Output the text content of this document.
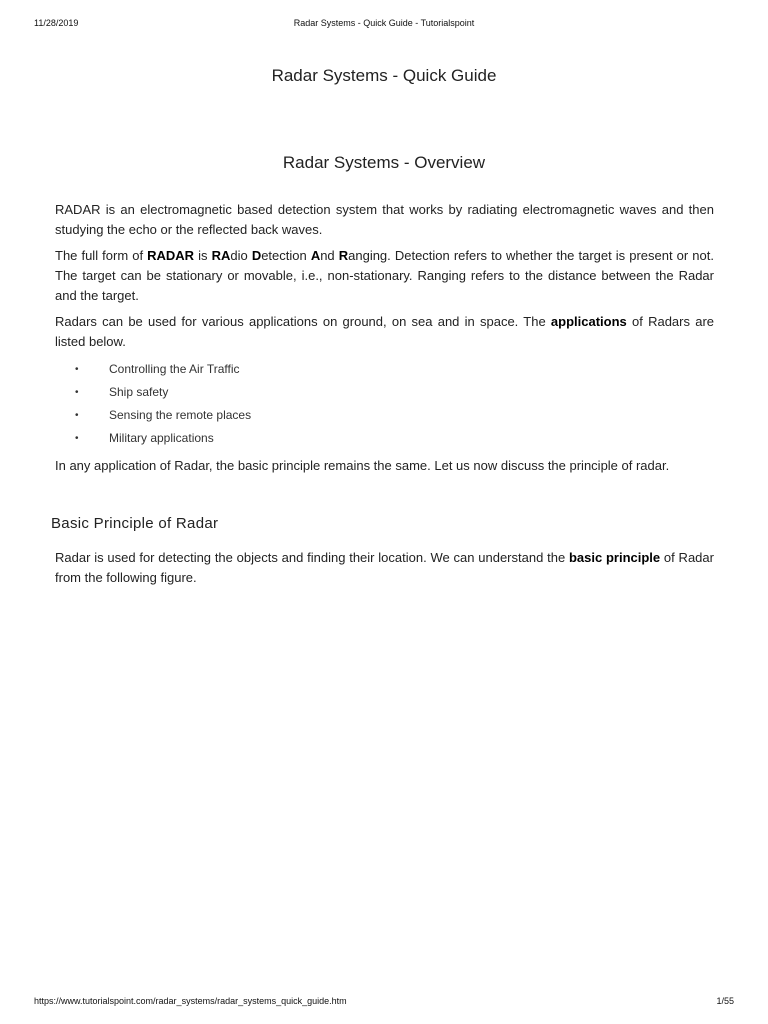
11/28/2019	Radar Systems - Quick Guide - Tutorialspoint
Radar Systems - Quick Guide
Radar Systems - Overview

RADAR is an electromagnetic based detection system that works by radiating electromagnetic waves and then studying the echo or the reflected back waves.

The full form of RADAR is RAdio Detection And Ranging. Detection refers to whether the target is present or not. The target can be stationary or movable, i.e., non-stationary. Ranging refers to the distance between the Radar and the target.

Radars can be used for various applications on ground, on sea and in space. The applications of Radars are listed below.

•	Controlling the Air Traffic
•	Ship safety
•	Sensing the remote places
•	Military applications

In any application of Radar, the basic principle remains the same. Let us now discuss the principle of radar.

Basic Principle of Radar

Radar is used for detecting the objects and finding their location. We can understand the basic principle of Radar from the following figure.

https://www.tutorialspoint.com/radar_systems/radar_systems_quick_guide.htm	1/55
